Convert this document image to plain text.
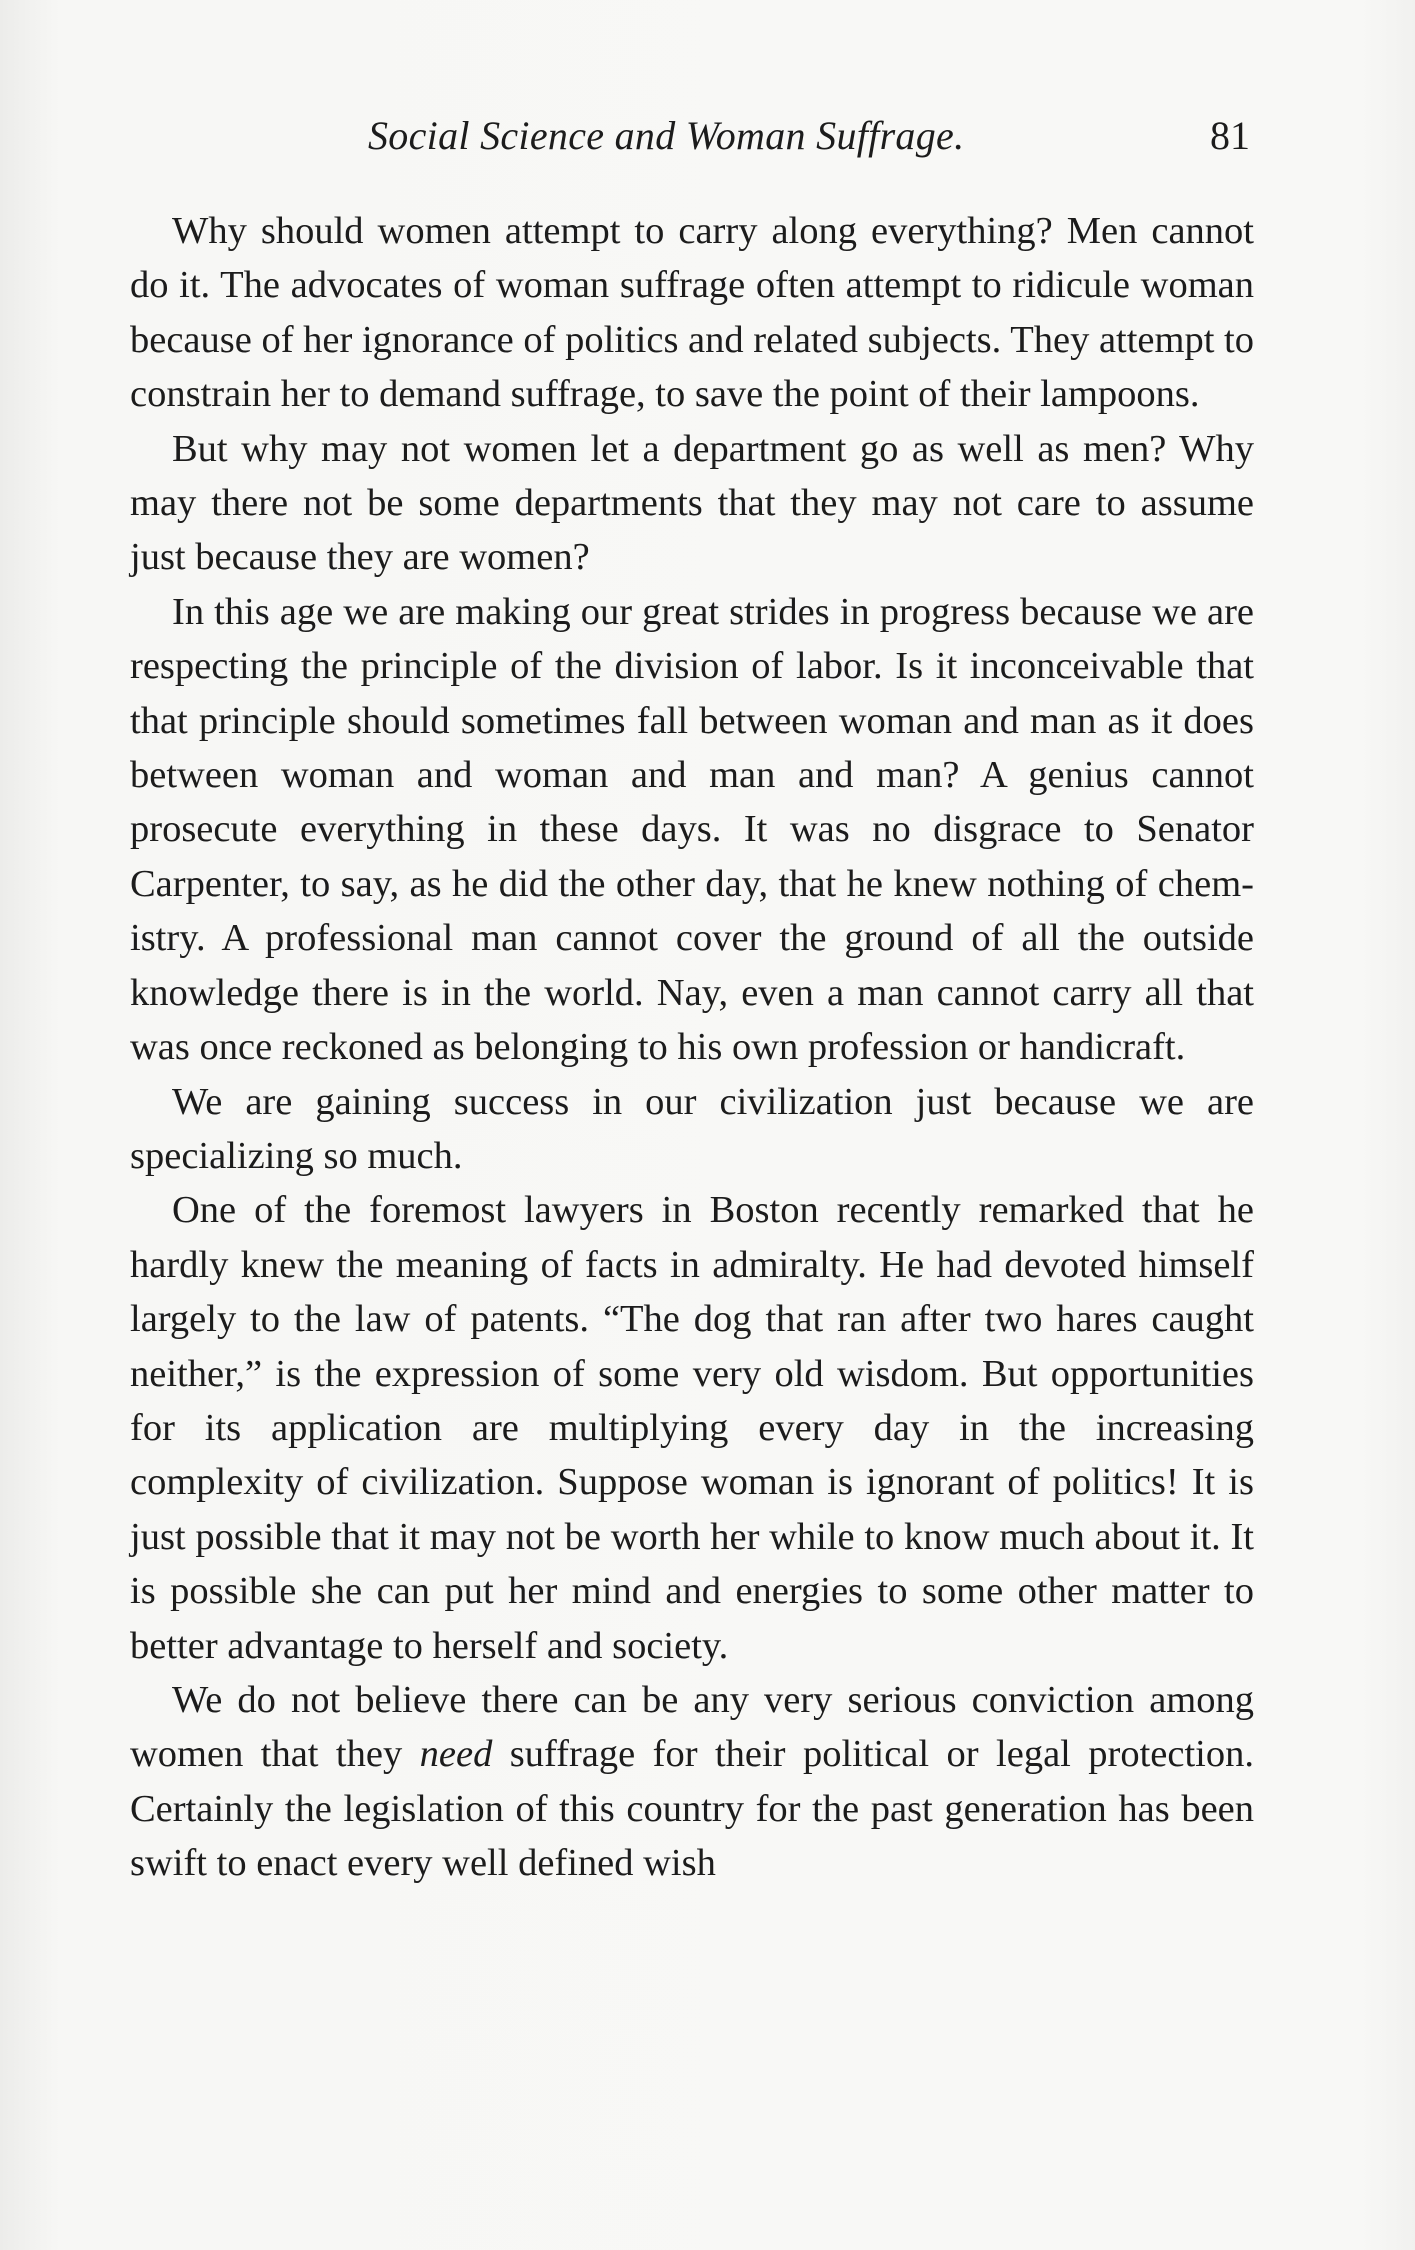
Social Science and Woman Suffrage.	81

Why should women attempt to carry along everything? Men cannot do it. The advocates of woman suffrage often attempt to ridicule woman because of her ignorance of politics and related subjects. They attempt to constrain her to demand suffrage, to save the point of their lampoons.

But why may not women let a department go as well as men? Why may there not be some departments that they may not care to assume just because they are women?

In this age we are making our great strides in progress because we are respecting the principle of the division of labor. Is it inconceivable that that principle should sometimes fall between woman and man as it does between woman and woman and man and man? A genius cannot prosecute everything in these days. It was no disgrace to Senator Carpenter, to say, as he did the other day, that he knew nothing of chemistry. A professional man cannot cover the ground of all the outside knowledge there is in the world. Nay, even a man cannot carry all that was once reckoned as belonging to his own profession or handicraft.

We are gaining success in our civilization just because we are specializing so much.

One of the foremost lawyers in Boston recently remarked that he hardly knew the meaning of facts in admiralty. He had devoted himself largely to the law of patents. “The dog that ran after two hares caught neither,” is the expression of some very old wisdom. But opportunities for its application are multiplying every day in the increasing complexity of civilization. Suppose woman is ignorant of politics! It is just possible that it may not be worth her while to know much about it. It is possible she can put her mind and energies to some other matter to better advantage to herself and society.

We do not believe there can be any very serious conviction among women that they need suffrage for their political or legal protection. Certainly the legislation of this country for the past generation has been swift to enact every well defined wish
